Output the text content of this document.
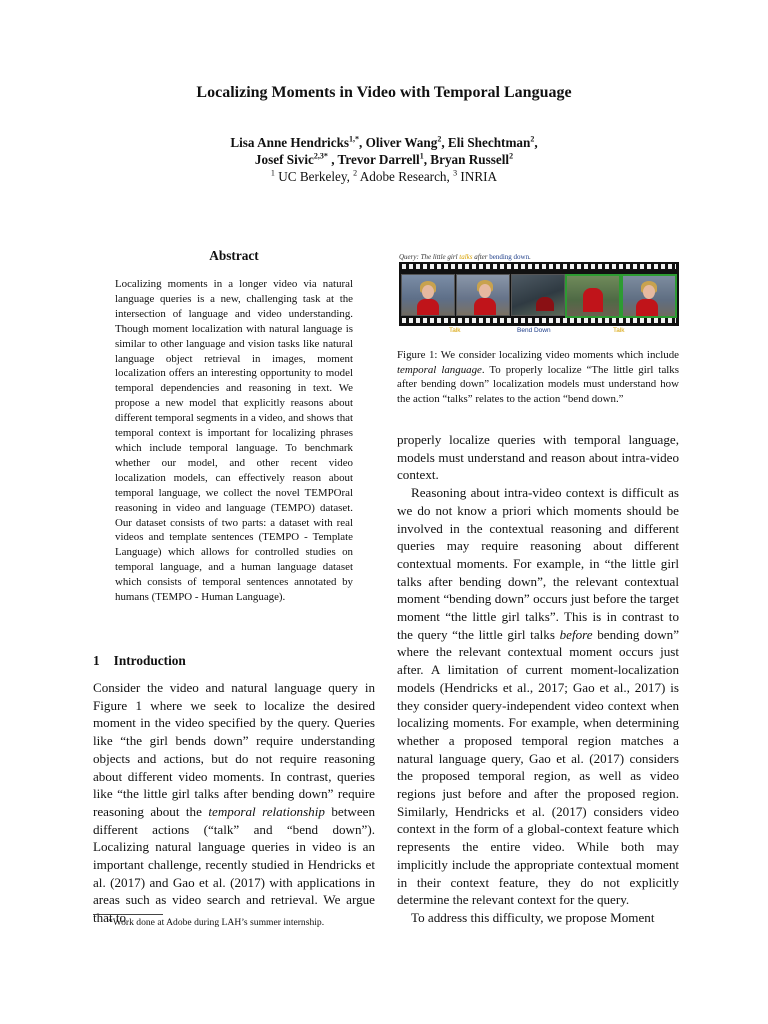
Localizing Moments in Video with Temporal Language
Lisa Anne Hendricks$^{1,*}$, Oliver Wang$^2$, Eli Shechtman$^2$,
Josef Sivic$^{2,3*}$ , Trevor Darrell$^1$, Bryan Russell$^2$
$^1$ UC Berkeley, $^2$ Adobe Research, $^3$ INRIA
Abstract
Localizing moments in a longer video via natural language queries is a new, challenging task at the intersection of language and video understanding. Though moment localization with natural language is similar to other language and vision tasks like natural language object retrieval in images, moment localization offers an interesting opportunity to model temporal dependencies and reasoning in text. We propose a new model that explicitly reasons about different temporal segments in a video, and shows that temporal context is important for localizing phrases which include temporal language. To benchmark whether our model, and other recent video localization models, can effectively reason about temporal language, we collect the novel TEMPOral reasoning in video and language (TEMPO) dataset. Our dataset consists of two parts: a dataset with real videos and template sentences (TEMPO - Template Language) which allows for controlled studies on temporal language, and a human language dataset which consists of temporal sentences annotated by humans (TEMPO - Human Language).
1 Introduction

Consider the video and natural language query in Figure 1 where we seek to localize the desired moment in the video specified by the query. Queries like “the girl bends down” require understanding objects and actions, but do not require reasoning about different video moments. In contrast, queries like “the little girl talks after bending down” require reasoning about the temporal relationship between different actions (“talk” and “bend down”). Localizing natural language queries in video is an important challenge, recently studied in Hendricks et al. (2017) and Gao et al. (2017) with applications in areas such as video search and retrieval. We argue that to

*Work done at Adobe during LAH’s summer internship.
Query: The little girl talks after bending down.
Talk	Bend Down	Talk
Figure 1: We consider localizing video moments which include temporal language. To properly localize “The little girl talks after bending down” localization models must understand how the action “talks” relates to the action “bend down.”

properly localize queries with temporal language, models must understand and reason about intra-video context.

Reasoning about intra-video context is difficult as we do not know a priori which moments should be involved in the contextual reasoning and different queries may require reasoning about different contextual moments. For example, in “the little girl talks after bending down”, the relevant contextual moment “bending down” occurs just before the target moment “the little girl talks”. This is in contrast to the query “the little girl talks before bending down” where the relevant contextual moment occurs just after. A limitation of current moment-localization models (Hendricks et al., 2017; Gao et al., 2017) is they consider query-independent video context when localizing moments. For example, when determining whether a proposed temporal region matches a natural language query, Gao et al. (2017) considers the proposed temporal region, as well as video regions just before and after the proposed region. Similarly, Hendricks et al. (2017) considers video context in the form of a global-context feature which represents the entire video. While both may implicitly include the appropriate contextual moment in their context feature, they do not explicitly determine the relevant context for the query.

To address this difficulty, we propose Moment
